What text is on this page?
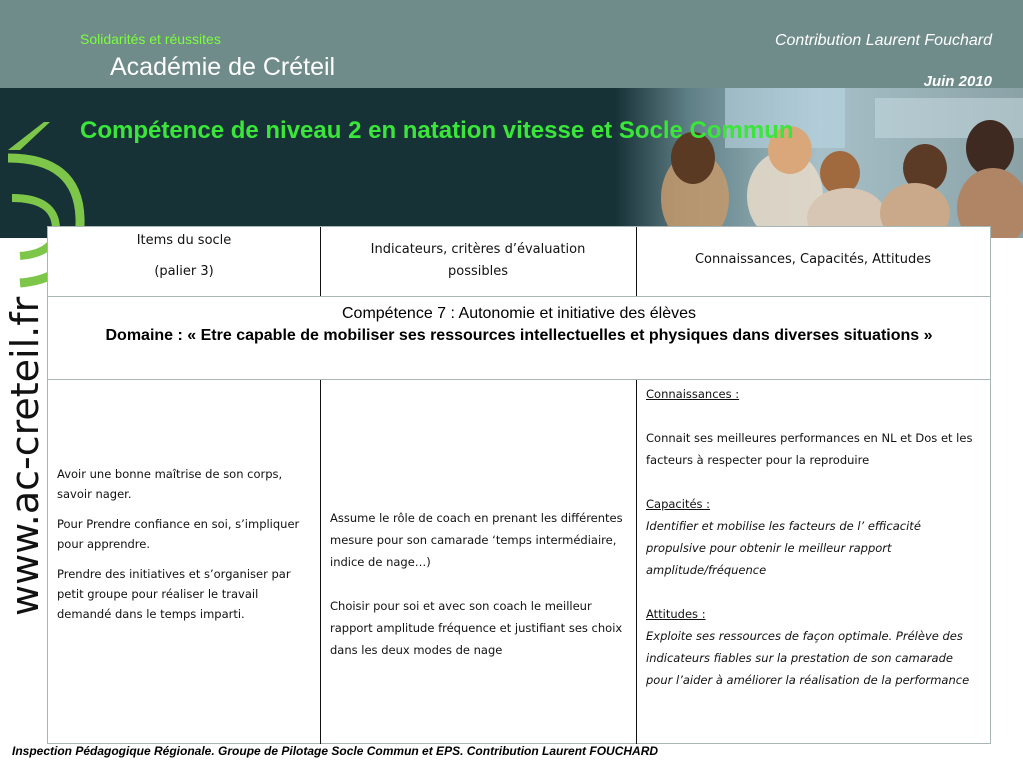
Solidarités et réussites
Académie de Créteil
Contribution Laurent Fouchard
Juin 2010
Compétence de niveau 2 en natation vitesse et Socle Commun
www.ac-creteil.fr
Items du socle
(palier 3)
Indicateurs, critères d’évaluation possibles
Connaissances, Capacités, Attitudes

Avoir une bonne maîtrise de son corps, savoir nager.

Pour Prendre confiance en soi, s’impliquer pour apprendre.

Prendre des initiatives et s’organiser par petit groupe pour réaliser le travail demandé dans le temps imparti.

Assume le rôle de coach en prenant les différentes mesure pour son camarade ‘temps intermédiaire, indice de nage…)

Choisir pour soi et avec son coach le meilleur rapport amplitude fréquence et justifiant ses choix dans les deux modes de nage

Connaissances :

Connait ses meilleures performances en NL et Dos et les facteurs à respecter pour la reproduire

Capacités :

Identifier et mobilise les facteurs de l’ efficacité propulsive pour obtenir le meilleur rapport amplitude/fréquence

Attitudes :

Exploite ses ressources de façon optimale. Prélève des indicateurs fiables sur la prestation de son camarade pour l’aider à améliorer la réalisation de la performance

Compétence 7 : Autonomie et initiative des élèves
Domaine : « Etre capable de mobiliser ses ressources intellectuelles et physiques dans diverses situations »
Inspection Pédagogique Régionale. Groupe de Pilotage Socle Commun et EPS. Contribution Laurent FOUCHARD
